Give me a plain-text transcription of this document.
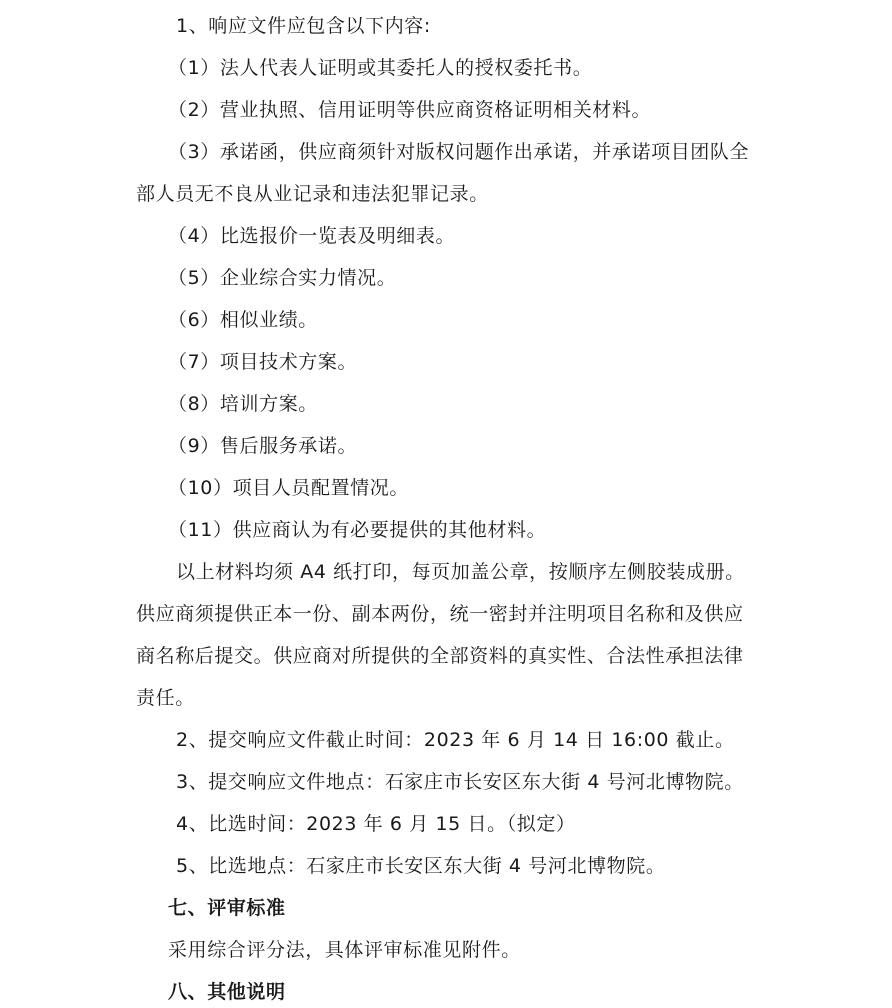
1、响应文件应包含以下内容:
（1）法人代表人证明或其委托人的授权委托书。
（2）营业执照、信用证明等供应商资格证明相关材料。
（3）承诺函，供应商须针对版权问题作出承诺，并承诺项目团队全
部人员无不良从业记录和违法犯罪记录。
（4）比选报价一览表及明细表。
（5）企业综合实力情况。
（6）相似业绩。
（7）项目技术方案。
（8）培训方案。
（9）售后服务承诺。
（10）项目人员配置情况。
（11）供应商认为有必要提供的其他材料。
以上材料均须 A4 纸打印，每页加盖公章，按顺序左侧胶装成册。
供应商须提供正本一份、副本两份，统一密封并注明项目名称和及供应
商名称后提交。供应商对所提供的全部资料的真实性、合法性承担法律
责任。
2、提交响应文件截止时间：2023 年 6 月 14 日 16:00 截止。
3、提交响应文件地点：石家庄市长安区东大街 4 号河北博物院。
4、比选时间：2023 年 6 月 15 日。（拟定）
5、比选地点：石家庄市长安区东大街 4 号河北博物院。
七、评审标准
采用综合评分法，具体评审标准见附件。
八、其他说明
